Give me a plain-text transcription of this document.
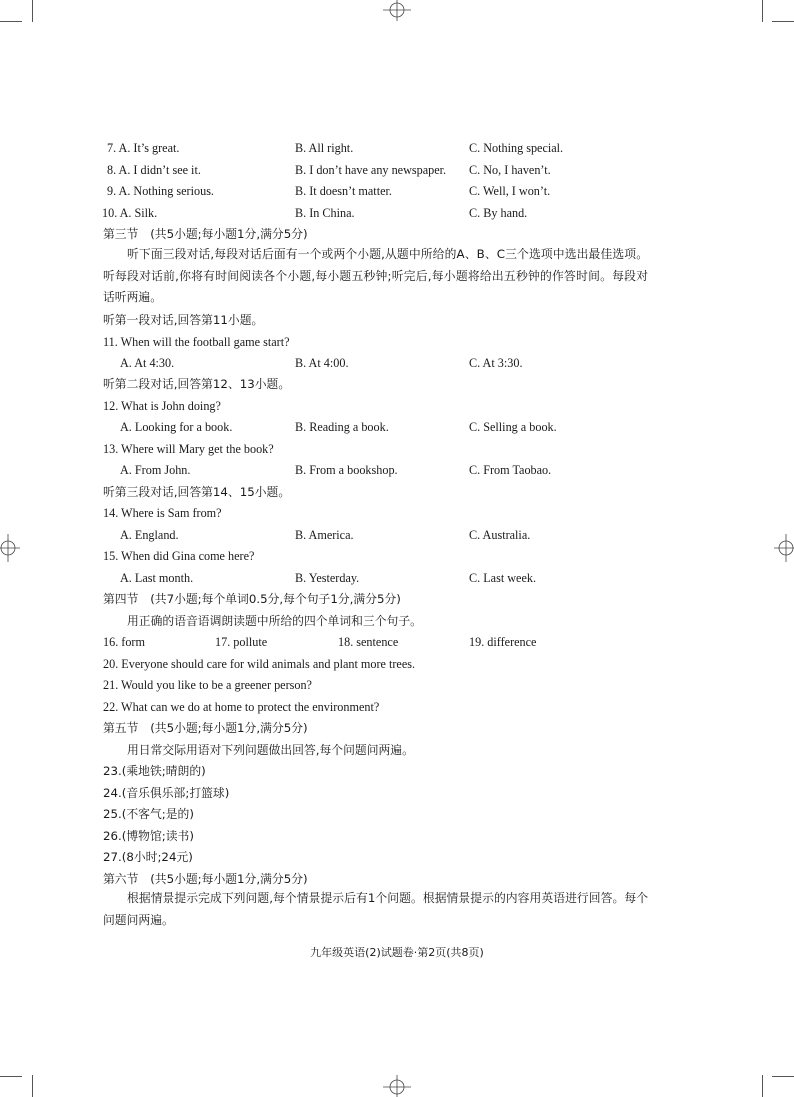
7. A. It’s great.	B. All right.	C. Nothing special.
8. A. I didn’t see it.	B. I don’t have any newspaper. C. No, I haven’t.
9. A. Nothing serious.	B. It doesn’t matter.	C. Well, I won’t.
10. A. Silk.	B. In China.	C. By hand.
第三节　(共5小题;每小题1分,满分5分)
听下面三段对话,每段对话后面有一个或两个小题,从题中所给的A、B、C三个选项中选出最佳选项。听每段对话前,你将有时间阅读各个小题,每小题五秒钟;听完后,每小题将给出五秒钟的作答时间。每段对话听两遍。
听第一段对话,回答第11小题。
11. When will the football game start?
A. At 4:30.	B. At 4:00.	C. At 3:30.
听第二段对话,回答第12、13小题。
12. What is John doing?
A. Looking for a book.	B. Reading a book.	C. Selling a book.
13. Where will Mary get the book?
A. From John.	B. From a bookshop.	C. From Taobao.
听第三段对话,回答第14、15小题。
14. Where is Sam from?
A. England.	B. America.	C. Australia.
15. When did Gina come here?
A. Last month.	B. Yesterday.	C. Last week.
第四节　(共7小题;每个单词0.5分,每个句子1分,满分5分)
用正确的语音语调朗读题中所给的四个单词和三个句子。
16. form	17. pollute	18. sentence	19. difference
20. Everyone should care for wild animals and plant more trees.
21. Would you like to be a greener person?
22. What can we do at home to protect the environment?
第五节　(共5小题;每小题1分,满分5分)
用日常交际用语对下列问题做出回答,每个问题问两遍。
23.(乘地铁;晴朗的)
24.(音乐俱乐部;打篮球)
25.(不客气;是的)
26.(博物馆;读书)
27.(8小时;24元)
第六节　(共5小题;每小题1分,满分5分)
根据情景提示完成下列问题,每个情景提示后有1个问题。根据情景提示的内容用英语进行回答。每个问题问两遍。
九年级英语(2)试题卷·第2页(共8页)
